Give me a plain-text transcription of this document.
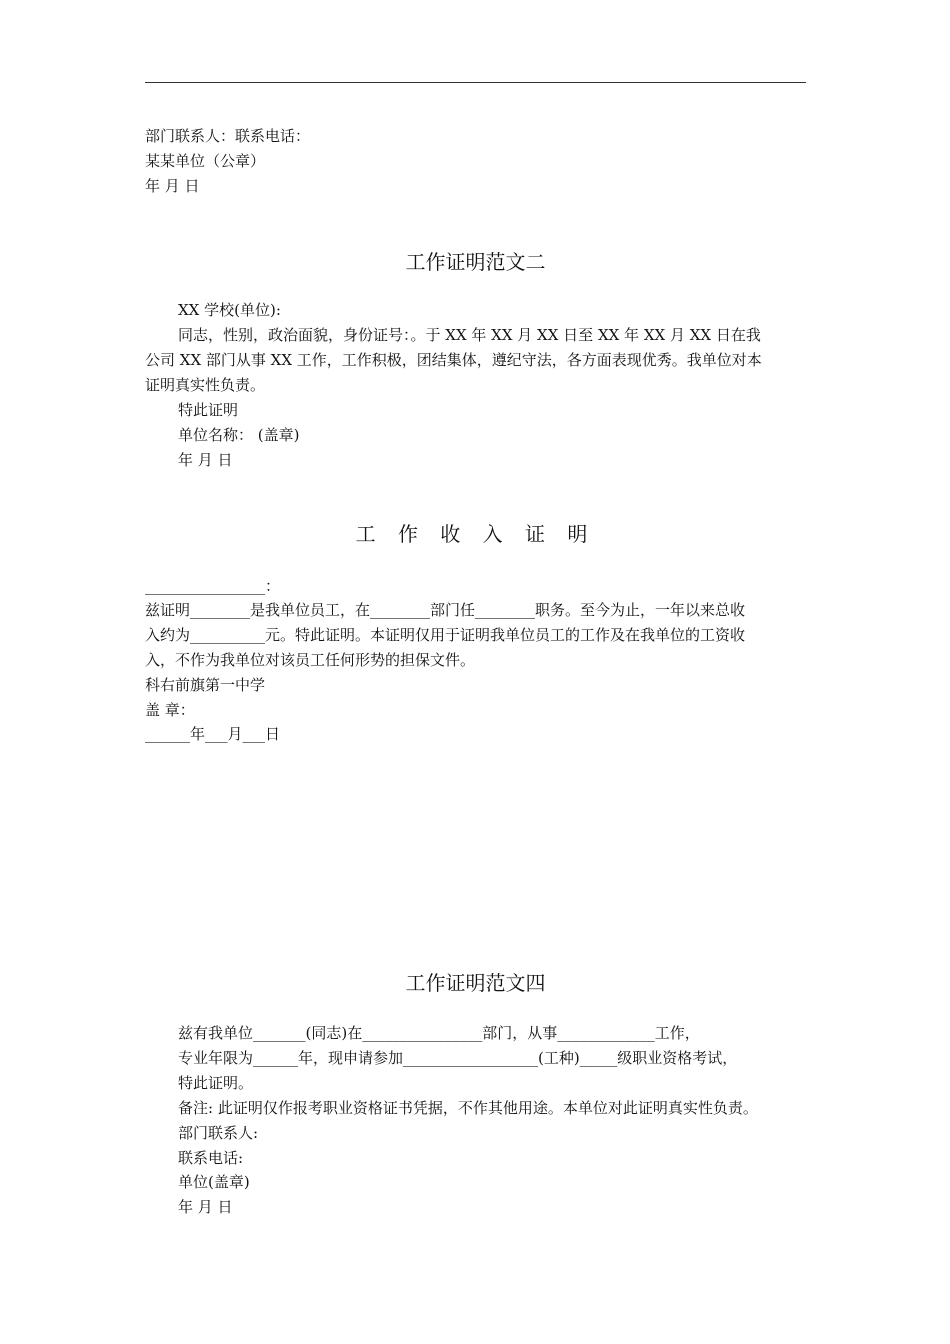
部门联系人：联系电话：
某某单位（公章）
年 月 日
工作证明范文二
XX 学校(单位):
同志，性别，政治面貌，身份证号：。于 XX 年 XX 月 XX 日至 XX 年 XX 月 XX 日在我
公司 XX 部门从事 XX 工作，工作积极，团结集体，遵纪守法，各方面表现优秀。我单位对本
证明真实性负责。
特此证明
单位名称： (盖章)
年 月 日
工 作 收 入 证 明
________________：
兹证明________是我单位员工，在________部门任________职务。至今为止，一年以来总收
入约为__________元。特此证明。本证明仅用于证明我单位员工的工作及在我单位的工资收
入，不作为我单位对该员工任何形势的担保文件。
科右前旗第一中学
盖 章：
______年___月___日
工作证明范文四
兹有我单位_______(同志)在________________部门，从事_____________工作，
专业年限为______年，现申请参加__________________(工种)_____级职业资格考试，
特此证明。
备注: 此证明仅作报考职业资格证书凭据，不作其他用途。本单位对此证明真实性负责。
部门联系人:
联系电话:
单位(盖章)
年 月 日
